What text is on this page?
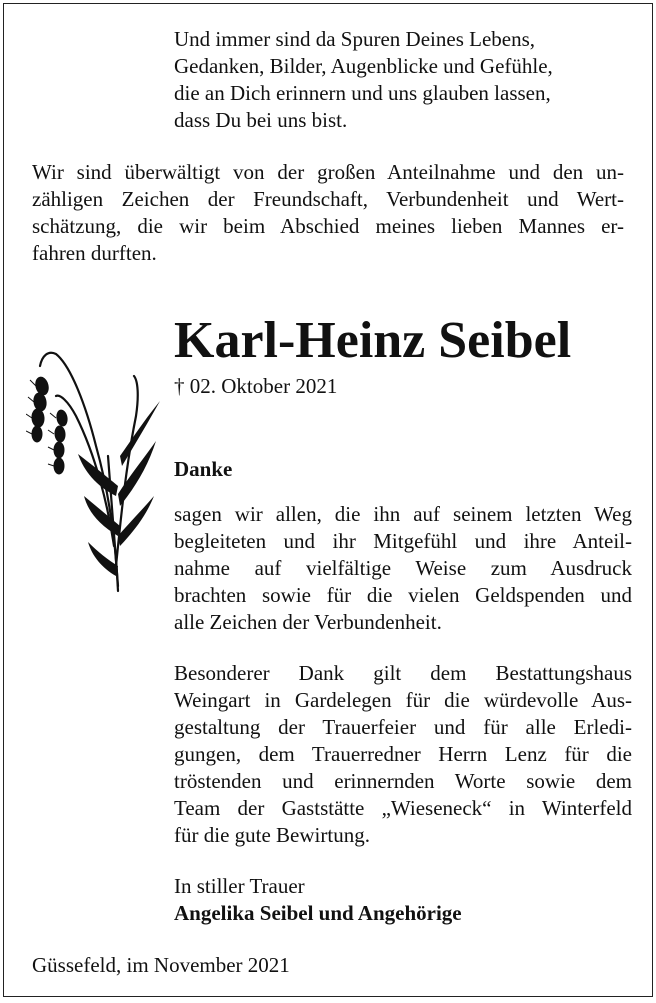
Und immer sind da Spuren Deines Lebens,
Gedanken, Bilder, Augenblicke und Gefühle,
die an Dich erinnern und uns glauben lassen,
dass Du bei uns bist.
Wir sind überwältigt von der großen Anteilnahme und den un-
zähligen Zeichen der Freundschaft, Verbundenheit und Wert-
schätzung, die wir beim Abschied meines lieben Mannes er-
fahren durften.
Karl-Heinz Seibel
† 02. Oktober 2021
Danke
sagen wir allen, die ihn auf seinem letzten Weg
begleiteten und ihr Mitgefühl und ihre Anteil-
nahme auf vielfältige Weise zum Ausdruck
brachten sowie für die vielen Geldspenden und
alle Zeichen der Verbundenheit.
Besonderer Dank gilt dem Bestattungshaus
Weingart in Gardelegen für die würdevolle Aus-
gestaltung der Trauerfeier und für alle Erledi-
gungen, dem Trauerredner Herrn Lenz für die
tröstenden und erinnernden Worte sowie dem
Team der Gaststätte „Wieseneck“ in Winterfeld
für die gute Bewirtung.
In stiller Trauer
Angelika Seibel und Angehörige
Güssefeld, im November 2021
